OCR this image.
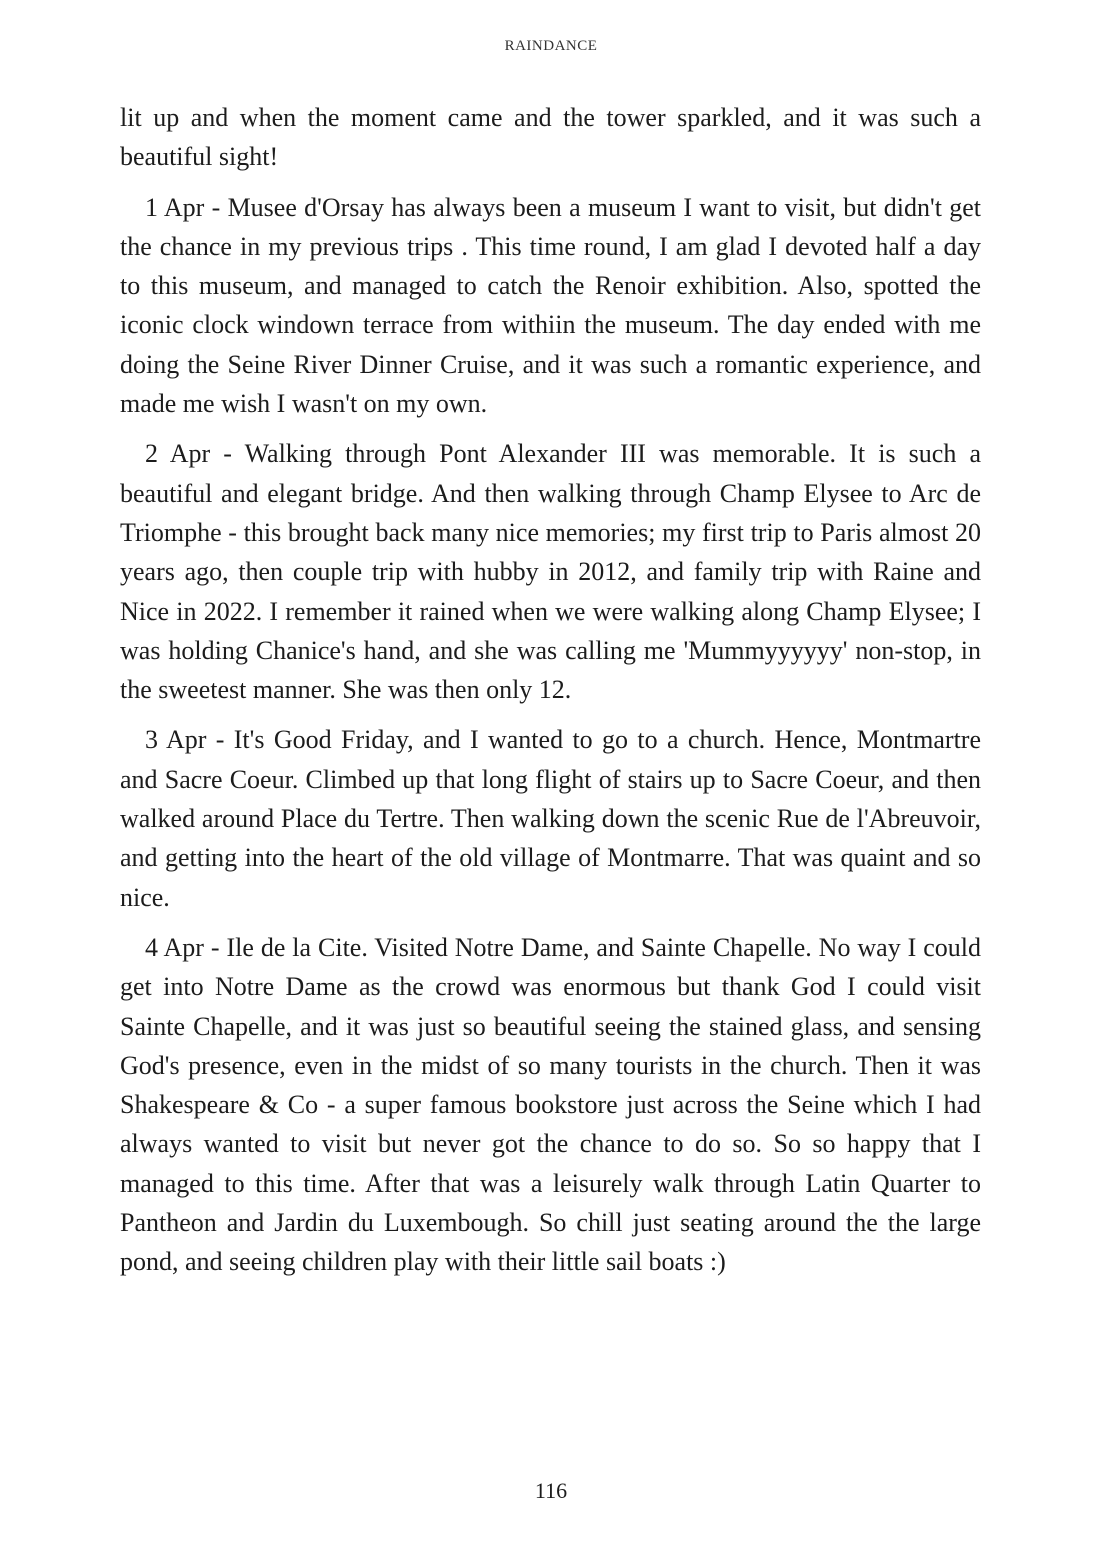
RAINDANCE

lit up and when the moment came and the tower sparkled, and it was such a beautiful sight!

1 Apr - Musee d'Orsay has always been a museum I want to visit, but didn't get the chance in my previous trips . This time round, I am glad I devoted half a day to this museum, and managed to catch the Renoir exhibition. Also, spotted the iconic clock windown terrace from withiin the museum. The day ended with me doing the Seine River Dinner Cruise, and it was such a romantic experience, and made me wish I wasn't on my own.

2 Apr - Walking through Pont Alexander III was memorable. It is such a beautiful and elegant bridge. And then walking through Champ Elysee to Arc de Triomphe - this brought back many nice memories; my first trip to Paris almost 20 years ago, then couple trip with hubby in 2012, and family trip with Raine and Nice in 2022. I remember it rained when we were walking along Champ Elysee; I was holding Chanice's hand, and she was calling me 'Mummyyyyyy' non-stop, in the sweetest manner. She was then only 12.

3 Apr - It's Good Friday, and I wanted to go to a church. Hence, Montmartre and Sacre Coeur. Climbed up that long flight of stairs up to Sacre Coeur, and then walked around Place du Tertre. Then walking down the scenic Rue de l'Abreuvoir, and getting into the heart of the old village of Montmarre. That was quaint and so nice.

4 Apr - Ile de la Cite. Visited Notre Dame, and Sainte Chapelle. No way I could get into Notre Dame as the crowd was enormous but thank God I could visit Sainte Chapelle, and it was just so beautiful seeing the stained glass, and sensing God's presence, even in the midst of so many tourists in the church. Then it was Shakespeare & Co - a super famous bookstore just across the Seine which I had always wanted to visit but never got the chance to do so. So so happy that I managed to this time. After that was a leisurely walk through Latin Quarter to Pantheon and Jardin du Luxembough. So chill just seating around the the large pond, and seeing children play with their little sail boats :)

116
